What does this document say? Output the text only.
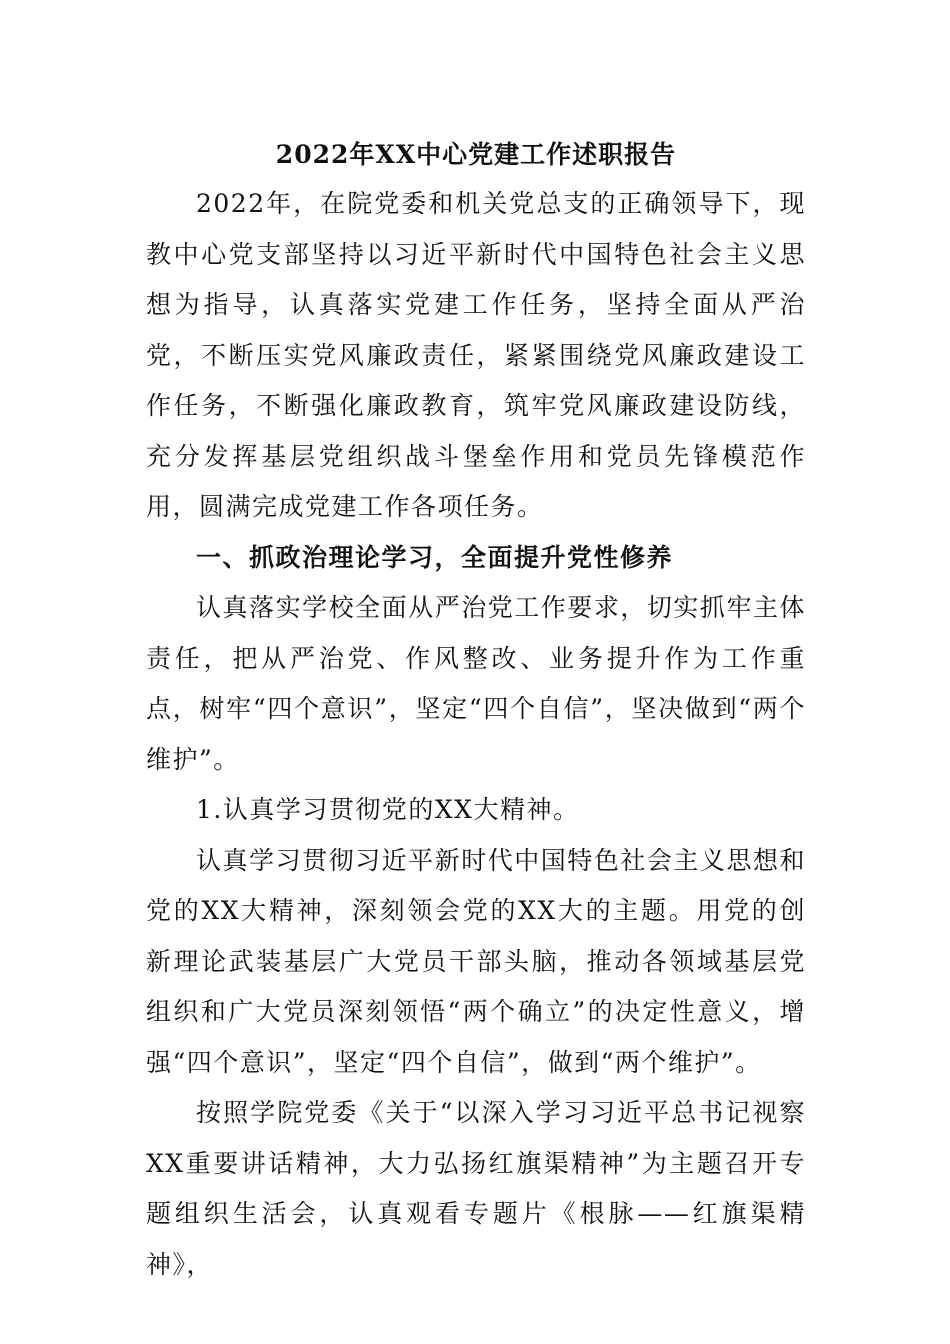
2022年XX中心党建工作述职报告

2022年，在院党委和机关党总支的正确领导下，现教中心党支部坚持以习近平新时代中国特色社会主义思想为指导，认真落实党建工作任务，坚持全面从严治党，不断压实党风廉政责任，紧紧围绕党风廉政建设工作任务，不断强化廉政教育，筑牢党风廉政建设防线，充分发挥基层党组织战斗堡垒作用和党员先锋模范作用，圆满完成党建工作各项任务。

一、抓政治理论学习，全面提升党性修养

认真落实学校全面从严治党工作要求，切实抓牢主体责任，把从严治党、作风整改、业务提升作为工作重点，树牢“四个意识”，坚定“四个自信”，坚决做到“两个维护”。

1.认真学习贯彻党的XX大精神。

认真学习贯彻习近平新时代中国特色社会主义思想和党的XX大精神，深刻领会党的XX大的主题。用党的创新理论武装基层广大党员干部头脑，推动各领域基层党组织和广大党员深刻领悟“两个确立”的决定性意义，增强“四个意识”，坚定“四个自信”，做到“两个维护”。

按照学院党委《关于“以深入学习习近平总书记视察XX重要讲话精神，大力弘扬红旗渠精神”为主题召开专题组织生活会，认真观看专题片《根脉——红旗渠精神》，
